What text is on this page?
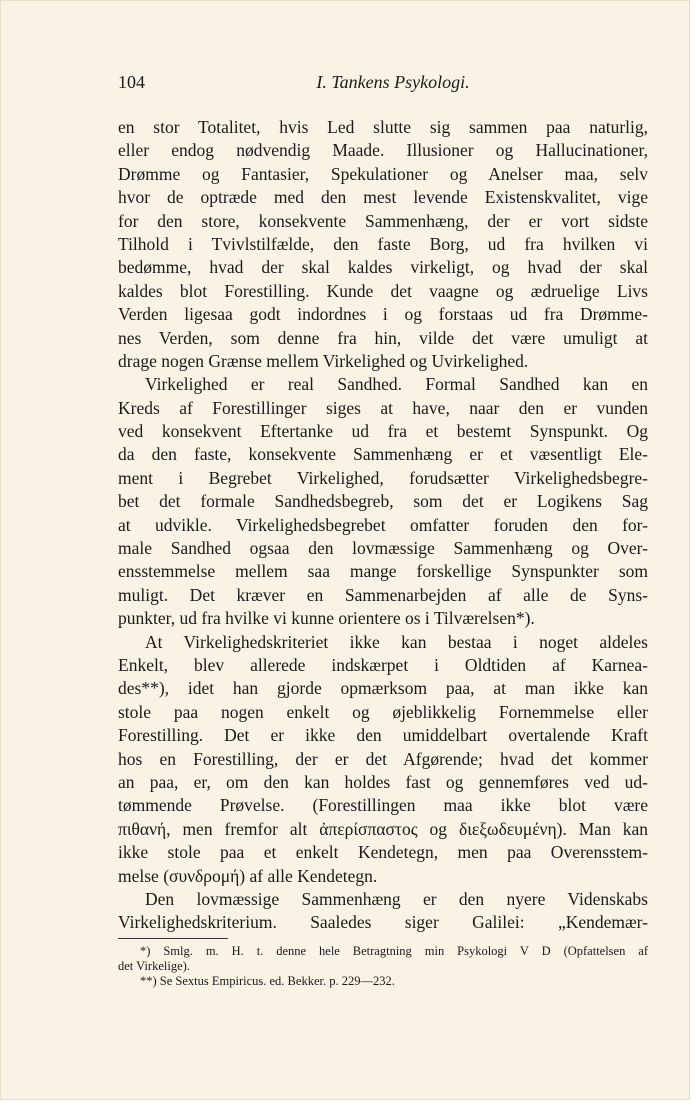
104	I. Tankens Psykologi.
en stor Totalitet, hvis Led slutte sig sammen paa naturlig,
eller endog nødvendig Maade. Illusioner og Hallucinationer,
Drømme og Fantasier, Spekulationer og Anelser maa, selv
hvor de optræde med den mest levende Existenskvalitet, vige
for den store, konsekvente Sammenhæng, der er vort sidste
Tilhold i Tvivlstilfælde, den faste Borg, ud fra hvilken vi
bedømme, hvad der skal kaldes virkeligt, og hvad der skal
kaldes blot Forestilling. Kunde det vaagne og ædruelige Livs
Verden ligesaa godt indordnes i og forstaas ud fra Drømme-
nes Verden, som denne fra hin, vilde det være umuligt at
drage nogen Grænse mellem Virkelighed og Uvirkelighed.
Virkelighed er real Sandhed. Formal Sandhed kan en
Kreds af Forestillinger siges at have, naar den er vunden
ved konsekvent Eftertanke ud fra et bestemt Synspunkt. Og
da den faste, konsekvente Sammenhæng er et væsentligt Ele-
ment i Begrebet Virkelighed, forudsætter Virkelighedsbegre-
bet det formale Sandhedsbegreb, som det er Logikens Sag
at udvikle. Virkelighedsbegrebet omfatter foruden den for-
male Sandhed ogsaa den lovmæssige Sammenhæng og Over-
ensstemmelse mellem saa mange forskellige Synspunkter som
muligt. Det kræver en Sammenarbejden af alle de Syns-
punkter, ud fra hvilke vi kunne orientere os i Tilværelsen*).
At Virkelighedskriteriet ikke kan bestaa i noget aldeles
Enkelt, blev allerede indskærpet i Oldtiden af Karnea-
des**), idet han gjorde opmærksom paa, at man ikke kan
stole paa nogen enkelt og øjeblikkelig Fornemmelse eller
Forestilling. Det er ikke den umiddelbart overtalende Kraft
hos en Forestilling, der er det Afgørende; hvad det kommer
an paa, er, om den kan holdes fast og gennemføres ved ud-
tømmende Prøvelse. (Forestillingen maa ikke blot være
πιθανή, men fremfor alt ἀπερίσπαστος og διεξωδευμένη). Man kan
ikke stole paa et enkelt Kendetegn, men paa Overensstem-
melse (συνδρομή) af alle Kendetegn.
Den lovmæssige Sammenhæng er den nyere Videnskabs
Virkelighedskriterium. Saaledes siger Galilei: „Kendemær-
*) Smlg. m. H. t. denne hele Betragtning min Psykologi V D (Opfattelsen af
det Virkelige).
**) Se Sextus Empiricus. ed. Bekker. p. 229—232.
